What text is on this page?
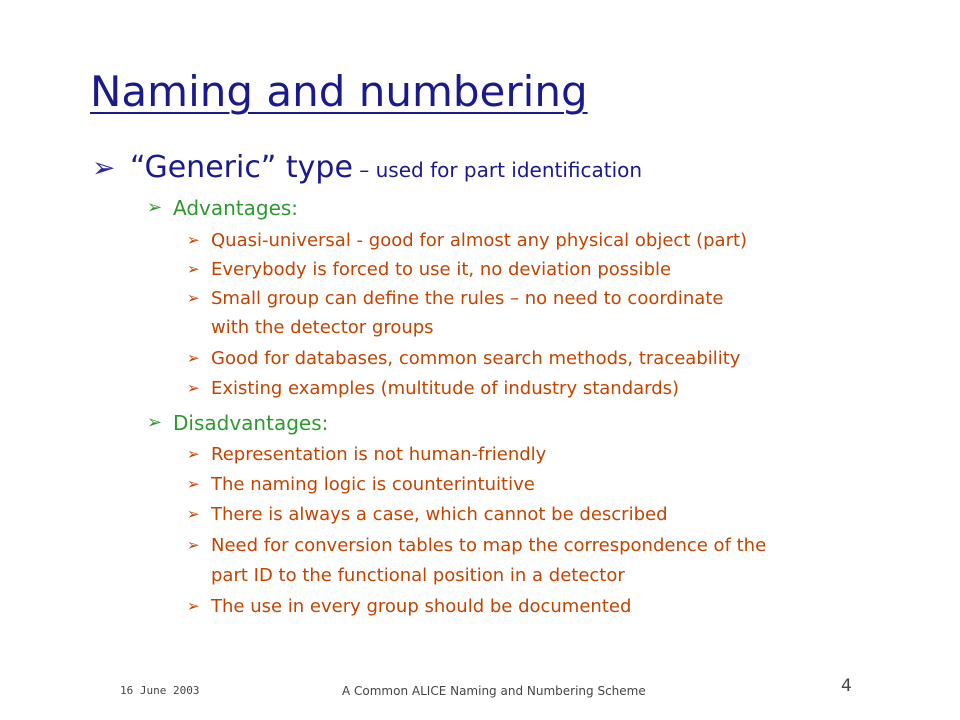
Naming and numbering
➢ “Generic” type – used for part identification
➢ Advantages:
➢ Quasi-universal - good for almost any physical object (part)
➢ Everybody is forced to use it, no deviation possible
➢ Small group can define the rules – no need to coordinate
with the detector groups
➢ Good for databases, common search methods, traceability
➢ Existing examples (multitude of industry standards)
➢ Disadvantages:
➢ Representation is not human-friendly
➢ The naming logic is counterintuitive
➢ There is always a case, which cannot be described
➢ Need for conversion tables to map the correspondence of the
part ID to the functional position in a detector
➢ The use in every group should be documented
16 June 2003	A Common ALICE Naming and Numbering Scheme	4
